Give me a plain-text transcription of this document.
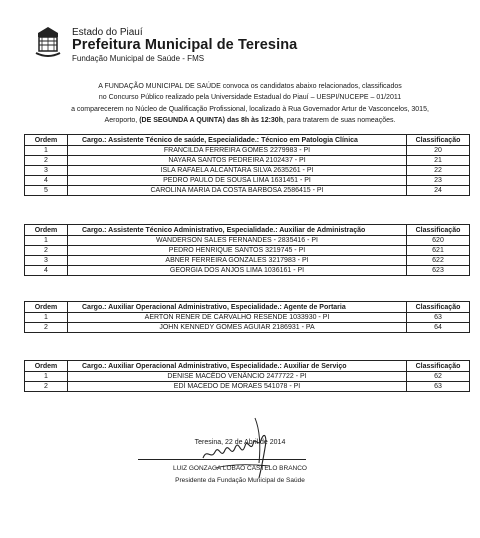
Estado do Piauí
Prefeitura Municipal de Teresina
Fundação Municipal de Saúde - FMS
A FUNDAÇÃO MUNICIPAL DE SAÚDE convoca os candidatos abaixo relacionados, classificados
no Concurso Público realizado pela Universidade Estadual do Piauí – UESPI/NUCEPE – 01/2011
a comparecerem no Núcleo de Qualificação Profissional, localizado à Rua Governador Artur de Vasconcelos, 3015,
Aeroporto, (DE SEGUNDA A QUINTA) das 8h às 12:30h, para tratarem de suas nomeações.
Ordem	Cargo.: Assistente Técnico de saúde, Especialidade.: Técnico em Patologia Clínica	Classificação
1	FRANCILDA FERREIRA GOMES 2279983 - PI	20
2	NAYARA SANTOS PEDREIRA 2102437 - PI	21
3	ISLA RAFAELA ALCANTARA SILVA 2635261 - PI	22
4	PEDRO PAULO DE SOUSA LIMA 1631451 - PI	23
5	CAROLINA MARIA DA COSTA BARBOSA 2586415 - PI	24
Ordem	Cargo.: Assistente Técnico Administrativo, Especialidade.: Auxiliar de Administração	Classificação
1	WANDERSON SALES FERNANDES - 2835416 - PI	620
2	PEDRO HENRIQUE SANTOS 3219745 - PI	621
3	ABNER FERREIRA GONZALES 3217983 - PI	622
4	GEORGIA DOS ANJOS LIMA 1036161 - PI	623
Ordem	Cargo.: Auxiliar Operacional Administrativo, Especialidade.: Agente de Portaria	Classificação
1	AERTON RENER DE CARVALHO RESENDE 1033930 - PI	63
2	JOHN KENNEDY GOMES AGUIAR 2186931 - PA	64
Ordem	Cargo.: Auxiliar Operacional Administrativo, Especialidade.: Auxiliar de Serviço	Classificação
1	DENISE MACÊDO VENÂNCIO 2477722 - PI	62
2	EDÍ MACEDO DE MORAES 541078 - PI	63
Teresina, 22 de Abril de 2014
LUIZ GONZAGA LOBÃO CASTELO BRANCO
Presidente da Fundação Municipal de Saúde
